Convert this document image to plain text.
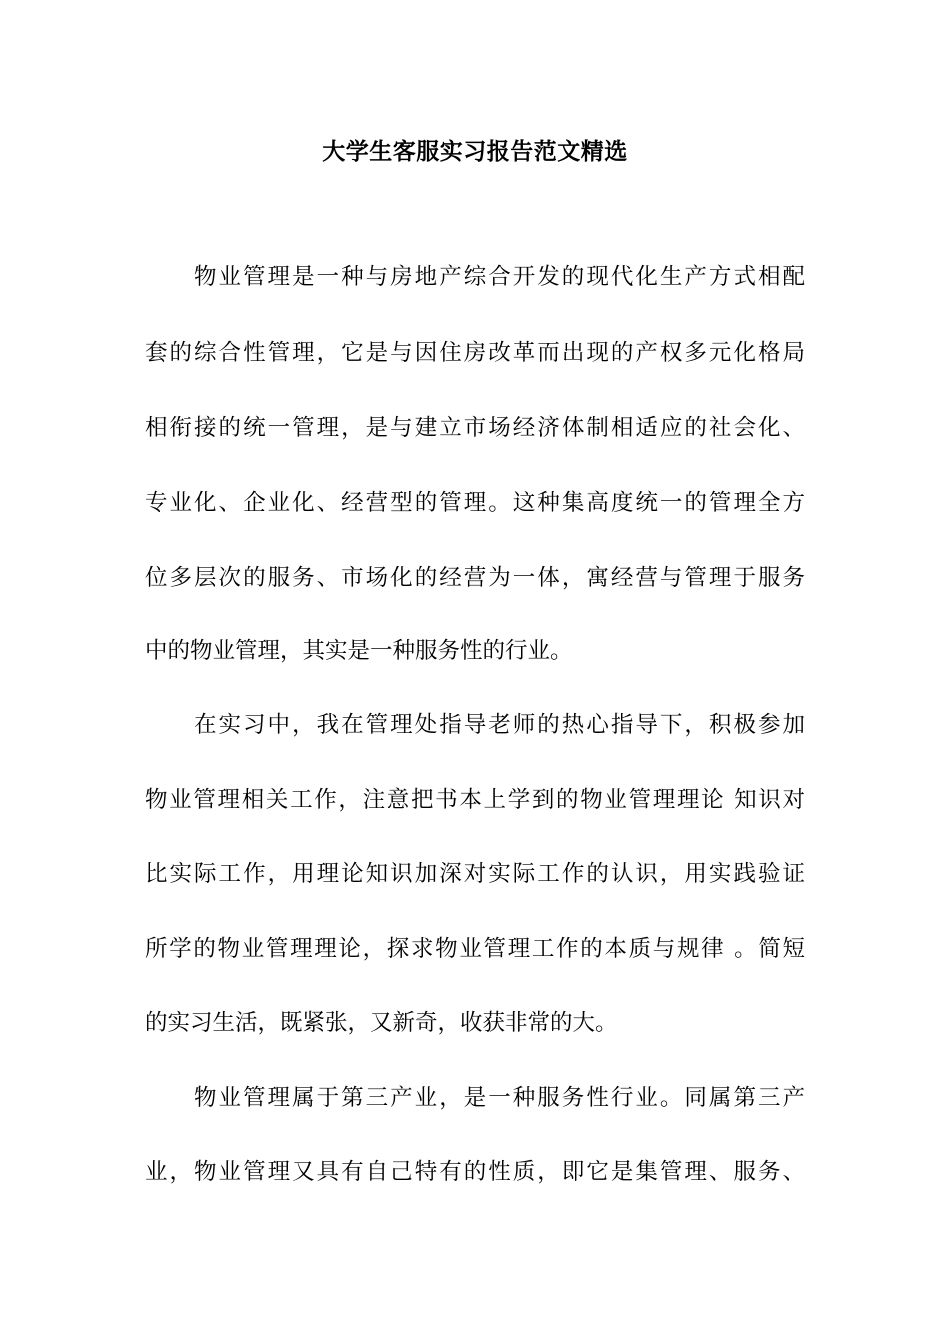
大学生客服实习报告范文精选
物业管理是一种与房地产综合开发的现代化生产方式相配
套的综合性管理，它是与因住房改革而出现的产权多元化格局
相衔接的统一管理，是与建立市场经济体制相适应的社会化、
专业化、企业化、经营型的管理。这种集高度统一的管理全方
位多层次的服务、市场化的经营为一体，寓经营与管理于服务
中的物业管理，其实是一种服务性的行业。
在实习中，我在管理处指导老师的热心指导下，积极参加
物业管理相关工作，注意把书本上学到的物业管理理论 知识对
比实际工作，用理论知识加深对实际工作的认识，用实践验证
所学的物业管理理论，探求物业管理工作的本质与规律 。简短
的实习生活，既紧张，又新奇，收获非常的大。
物业管理属于第三产业，是一种服务性行业。同属第三产
业，物业管理又具有自己特有的性质，即它是集管理、服务、
